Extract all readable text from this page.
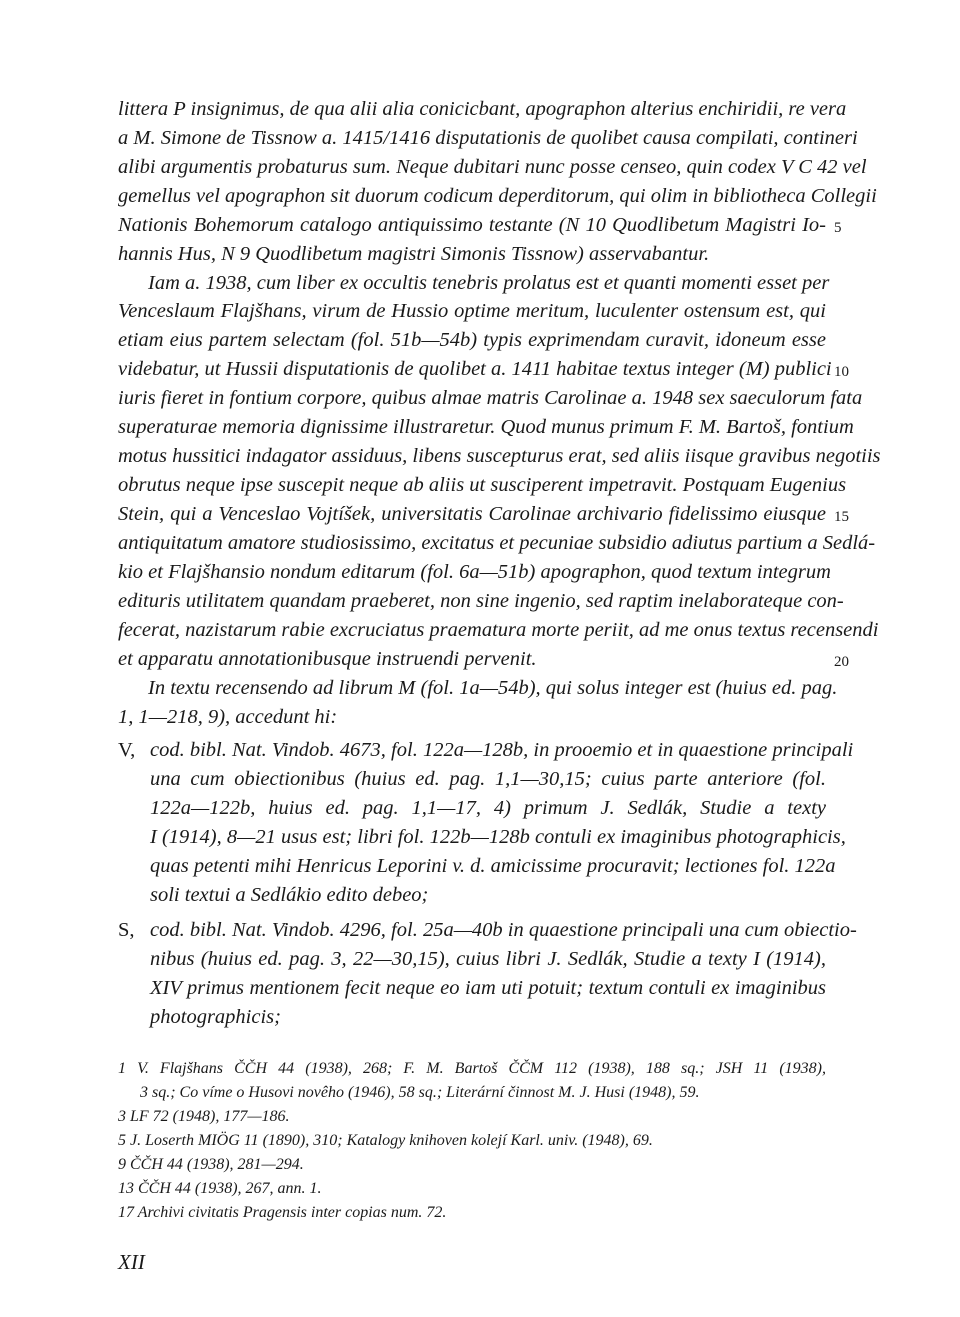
littera P insignimus, de qua alii alia conicicbant, apographon alterius enchiridii, re vera
a M. Simone de Tissnow a. 1415/1416 disputationis de quolibet causa compilati, contineri
alibi argumentis probaturus sum. Neque dubitari nunc posse censeo, quin codex V C 42 vel
gemellus vel apographon sit duorum codicum deperditorum, qui olim in bibliotheca Collegii
Nationis Bohemorum catalogo antiquissimo testante (N 10 Quodlibetum Magistri Io-
hannis Hus, N 9 Quodlibetum magistri Simonis Tissnow) asservabantur.
Iam a. 1938, cum liber ex occultis tenebris prolatus est et quanti momenti esset per
Venceslaum Flajšhans, virum de Hussio optime meritum, luculenter ostensum est, qui
etiam eius partem selectam (fol. 51b—54b) typis exprimendam curavit, idoneum esse
videbatur, ut Hussii disputationis de quolibet a. 1411 habitae textus integer (M) publici
iuris fieret in fontium corpore, quibus almae matris Carolinae a. 1948 sex saeculorum fata
superaturae memoria dignissime illustraretur. Quod munus primum F. M. Bartoš, fontium
motus hussitici indagator assiduus, libens suscepturus erat, sed aliis iisque gravibus negotiis
obrutus neque ipse suscepit neque ab aliis ut susciperent impetravit. Postquam Eugenius
Stein, qui a Venceslao Vojtíšek, universitatis Carolinae archivario fidelissimo eiusque
antiquitatum amatore studiosissimo, excitatus et pecuniae subsidio adiutus partium a Sedlá-
kio et Flajšhansio nondum editarum (fol. 6a—51b) apographon, quod textum integrum
edituris utilitatem quandam praeberet, non sine ingenio, sed raptim inelaborateque con-
fecerat, nazistarum rabie excruciatus praematura morte periit, ad me onus textus recensendi
et apparatu annotationibusque instruendi pervenit.
In textu recensendo ad librum M (fol. 1a—54b), qui solus integer est (huius ed. pag.
1, 1—218, 9), accedunt hi:
V, cod. bibl. Nat. Vindob. 4673, fol. 122a—128b, in prooemio et in quaestione principali
una cum obiectionibus (huius ed. pag. 1,1—30,15; cuius parte anteriore (fol.
122a—122b, huius ed. pag. 1,1—17, 4) primum J. Sedlák, Studie a texty
I (1914), 8—21 usus est; libri fol. 122b—128b contuli ex imaginibus photographicis,
quas petenti mihi Henricus Leporini v. d. amicissime procuravit; lectiones fol. 122a
soli textui a Sedlákio edito debeo;
S, cod. bibl. Nat. Vindob. 4296, fol. 25a—40b in quaestione principali una cum obiectio-
nibus (huius ed. pag. 3, 22—30,15), cuius libri J. Sedlák, Studie a texty I (1914),
XIV primus mentionem fecit neque eo iam uti potuit; textum contuli ex imaginibus
photographicis;
5
10
15
20
1 V. Flajšhans ČČH 44 (1938), 268; F. M. Bartoš ČČM 112 (1938), 188 sq.; JSH 11 (1938),
3 sq.; Co víme o Husovi novêho (1946), 58 sq.; Literární činnost M. J. Husi (1948), 59.
3 LF 72 (1948), 177—186.
5 J. Loserth MIÖG 11 (1890), 310; Katalogy knihoven kolejí Karl. univ. (1948), 69.
9 ČČH 44 (1938), 281—294.
13 ČČH 44 (1938), 267, ann. 1.
17 Archivi civitatis Pragensis inter copias num. 72.
XII
